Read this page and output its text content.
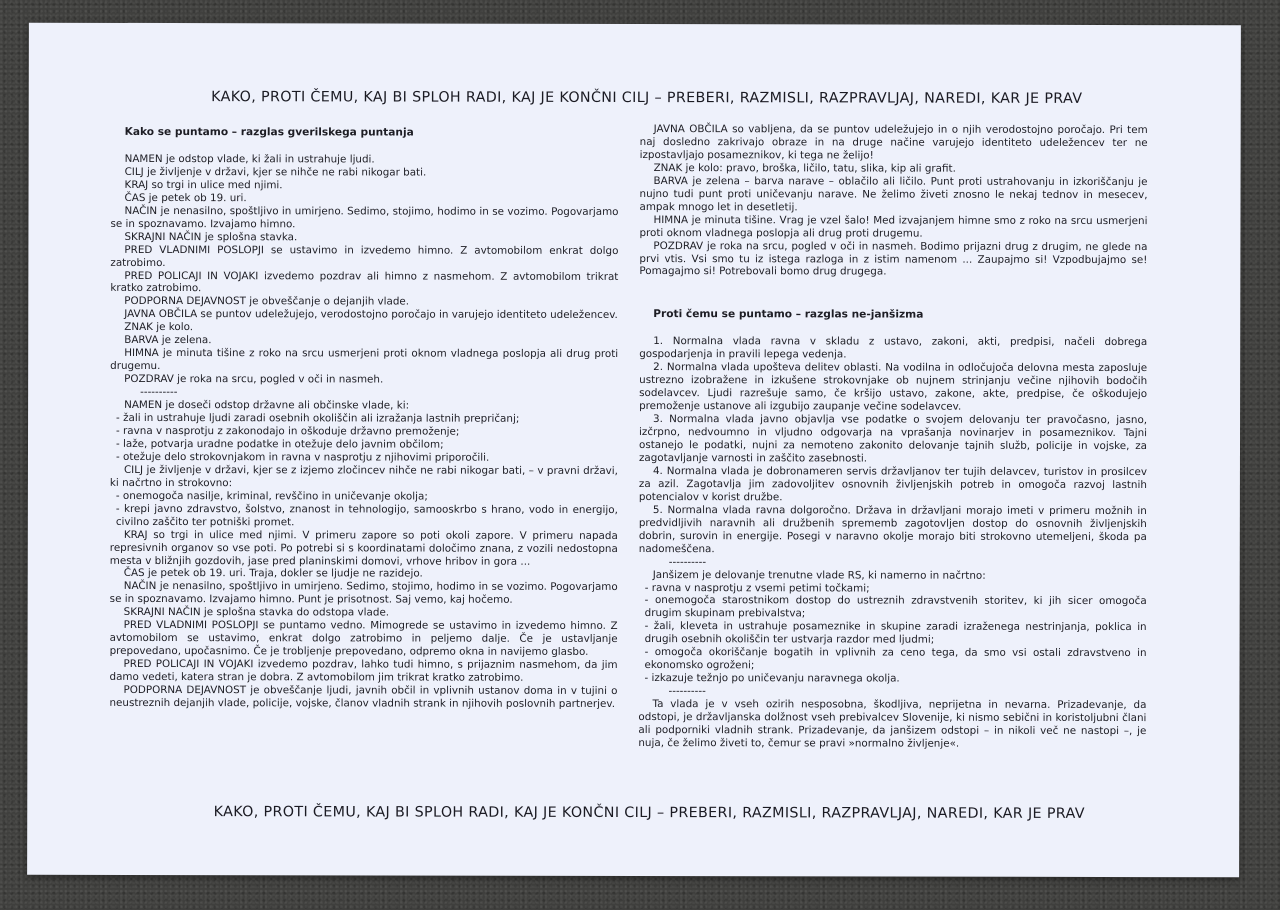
KAKO, PROTI ČEMU, KAJ BI SPLOH RADI, KAJ JE KONČNI CILJ – PREBERI, RAZMISLI, RAZPRAVLJAJ, NAREDI, KAR JE PRAV
Kako se puntamo – razglas gverilskega puntanja

NAMEN je odstop vlade, ki žali in ustrahuje ljudi.

CILJ je življenje v državi, kjer se nihče ne rabi nikogar bati.

KRAJ so trgi in ulice med njimi.

ČAS je petek ob 19. uri.

NAČIN je nenasilno, spoštljivo in umirjeno. Sedimo, stojimo, hodimo in se vozimo. Pogovarjamo se in spoznavamo. Izvajamo himno.

SKRAJNI NAČIN je splošna stavka.

PRED VLADNIMI POSLOPJI se ustavimo in izvedemo himno. Z avtomobilom enkrat dolgo zatrobimo.

PRED POLICAJI IN VOJAKI izvedemo pozdrav ali himno z nasmehom. Z avtomobilom trikrat kratko zatrobimo.

PODPORNA DEJAVNOST je obveščanje o dejanjih vlade.

JAVNA OBČILA se puntov udeležujejo, verodostojno poročajo in varujejo identiteto udeležencev.

ZNAK je kolo.

BARVA je zelena.

HIMNA je minuta tišine z roko na srcu usmerjeni proti oknom vladnega poslopja ali drug proti drugemu.

POZDRAV je roka na srcu, pogled v oči in nasmeh.

----------

NAMEN je doseči odstop državne ali občinske vlade, ki:

- žali in ustrahuje ljudi zaradi osebnih okoliščin ali izražanja lastnih prepričanj;

- ravna v nasprotju z zakonodajo in oškoduje državno premoženje;

- laže, potvarja uradne podatke in otežuje delo javnim občilom;

- otežuje delo strokovnjakom in ravna v nasprotju z njihovimi priporočili.

CILJ je življenje v državi, kjer se z izjemo zločincev nihče ne rabi nikogar bati, – v pravni državi, ki načrtno in strokovno:

- onemogoča nasilje, kriminal, revščino in uničevanje okolja;

- krepi javno zdravstvo, šolstvo, znanost in tehnologijo, samooskrbo s hrano, vodo in energijo, civilno zaščito ter potniški promet.

KRAJ so trgi in ulice med njimi. V primeru zapore so poti okoli zapore. V primeru napada represivnih organov so vse poti. Po potrebi si s koordinatami določimo znana, z vozili nedostopna mesta v bližnjih gozdovih, jase pred planinskimi domovi, vrhove hribov in gora ...

ČAS je petek ob 19. uri. Traja, dokler se ljudje ne razidejo.

NAČIN je nenasilno, spoštljivo in umirjeno. Sedimo, stojimo, hodimo in se vozimo. Pogovarjamo se in spoznavamo. Izvajamo himno. Punt je prisotnost. Saj vemo, kaj hočemo.

SKRAJNI NAČIN je splošna stavka do odstopa vlade.

PRED VLADNIMI POSLOPJI se puntamo vedno. Mimogrede se ustavimo in izvedemo himno. Z avtomobilom se ustavimo, enkrat dolgo zatrobimo in peljemo dalje. Če je ustavljanje prepovedano, upočasnimo. Če je trobljenje prepovedano, odpremo okna in navijemo glasbo.

PRED POLICAJI IN VOJAKI izvedemo pozdrav, lahko tudi himno, s prijaznim nasmehom, da jim damo vedeti, katera stran je dobra. Z avtomobilom jim trikrat kratko zatrobimo.

PODPORNA DEJAVNOST je obveščanje ljudi, javnih občil in vplivnih ustanov doma in v tujini o neustreznih dejanjih vlade, policije, vojske, članov vladnih strank in njihovih poslovnih partnerjev.

JAVNA OBČILA so vabljena, da se puntov udeležujejo in o njih verodostojno poročajo. Pri tem naj dosledno zakrivajo obraze in na druge načine varujejo identiteto udeležencev ter ne izpostavljajo posameznikov, ki tega ne želijo!

ZNAK je kolo: pravo, broška, ličilo, tatu, slika, kip ali grafit.

BARVA je zelena – barva narave – oblačilo ali ličilo. Punt proti ustrahovanju in izkoriščanju je nujno tudi punt proti uničevanju narave. Ne želimo živeti znosno le nekaj tednov in mesecev, ampak mnogo let in desetletij.

HIMNA je minuta tišine. Vrag je vzel šalo! Med izvajanjem himne smo z roko na srcu usmerjeni proti oknom vladnega poslopja ali drug proti drugemu.

POZDRAV je roka na srcu, pogled v oči in nasmeh. Bodimo prijazni drug z drugim, ne glede na prvi vtis. Vsi smo tu iz istega razloga in z istim namenom ... Zaupajmo si! Vzpodbujajmo se! Pomagajmo si! Potrebovali bomo drug drugega.

Proti čemu se puntamo – razglas ne-janšizma

1. Normalna vlada ravna v skladu z ustavo, zakoni, akti, predpisi, načeli dobrega gospodarjenja in pravili lepega vedenja.

2. Normalna vlada upošteva delitev oblasti. Na vodilna in odločujoča delovna mesta zaposluje ustrezno izobražene in izkušene strokovnjake ob nujnem strinjanju večine njihovih bodočih sodelavcev. Ljudi razrešuje samo, če kršijo ustavo, zakone, akte, predpise, če oškodujejo premoženje ustanove ali izgubijo zaupanje večine sodelavcev.

3. Normalna vlada javno objavlja vse podatke o svojem delovanju ter pravočasno, jasno, izčrpno, nedvoumno in vljudno odgovarja na vprašanja novinarjev in posameznikov. Tajni ostanejo le podatki, nujni za nemoteno zakonito delovanje tajnih služb, policije in vojske, za zagotavljanje varnosti in zaščito zasebnosti.

4. Normalna vlada je dobronameren servis državljanov ter tujih delavcev, turistov in prosilcev za azil. Zagotavlja jim zadovoljitev osnovnih življenjskih potreb in omogoča razvoj lastnih potencialov v korist družbe.

5. Normalna vlada ravna dolgoročno. Država in državljani morajo imeti v primeru možnih in predvidljivih naravnih ali družbenih sprememb zagotovljen dostop do osnovnih življenjskih dobrin, surovin in energije. Posegi v naravno okolje morajo biti strokovno utemeljeni, škoda pa nadomeščena.

----------

Janšizem je delovanje trenutne vlade RS, ki namerno in načrtno:

- ravna v nasprotju z vsemi petimi točkami;

- onemogoča starostnikom dostop do ustreznih zdravstvenih storitev, ki jih sicer omogoča drugim skupinam prebivalstva;

- žali, kleveta in ustrahuje posameznike in skupine zaradi izraženega nestrinjanja, poklica in drugih osebnih okoliščin ter ustvarja razdor med ljudmi;

- omogoča okoriščanje bogatih in vplivnih za ceno tega, da smo vsi ostali zdravstveno in ekonomsko ogroženi;

- izkazuje težnjo po uničevanju naravnega okolja.

----------

Ta vlada je v vseh ozirih nesposobna, škodljiva, neprijetna in nevarna. Prizadevanje, da odstopi, je državljanska dolžnost vseh prebivalcev Slovenije, ki nismo sebični in koristoljubni člani ali podporniki vladnih strank. Prizadevanje, da janšizem odstopi – in nikoli več ne nastopi –, je nuja, če želimo živeti to, čemur se pravi »normalno življenje«.

KAKO, PROTI ČEMU, KAJ BI SPLOH RADI, KAJ JE KONČNI CILJ – PREBERI, RAZMISLI, RAZPRAVLJAJ, NAREDI, KAR JE PRAV
